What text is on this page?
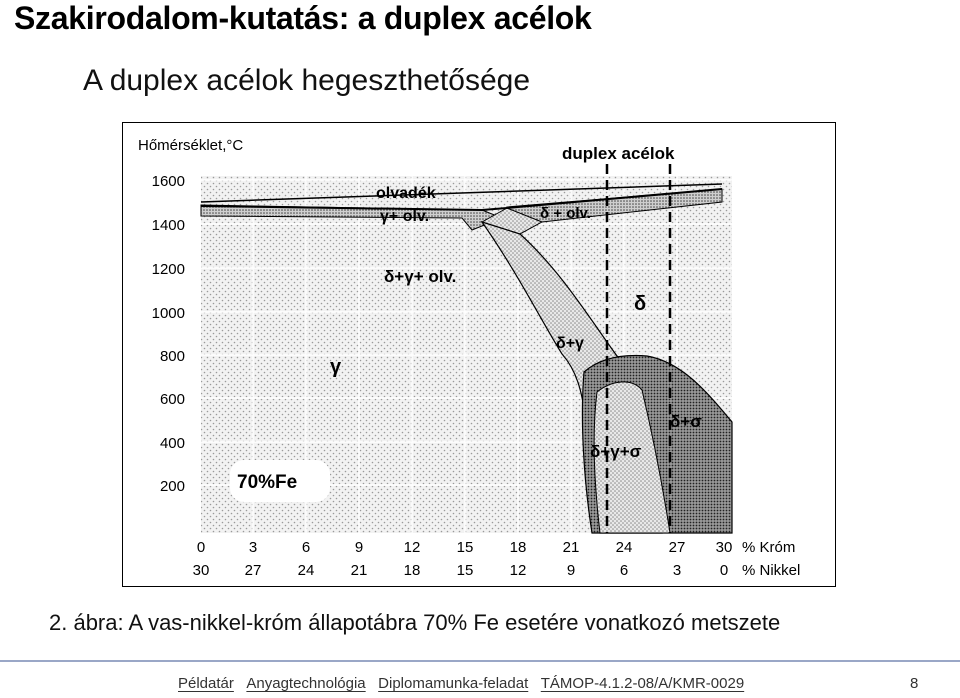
Szakirodalom-kutatás: a duplex acélok
A duplex acélok hegeszthetősége
duplex acélok
olvadék
γ+ olv.	δ + olv.
δ+γ+ olv.
δ
δ+γ
γ
δ+σ
δ+γ+σ
70%Fe
Hőmérséklet,°C
1600
1400
1200
1000
800
600
400
200
0	3	6	9	12 15 18 21 24 27 30 % Króm
30 27 24 21 18 15 12	9	6	3	0 % Nikkel
2. ábra: A vas-nikkel-króm állapotábra 70% Fe esetére vonatkozó metszete
Példatár Anyagtechnológia Diplomamunka-feladat TÁMOP-4.1.2-08/A/KMR-0029	8
